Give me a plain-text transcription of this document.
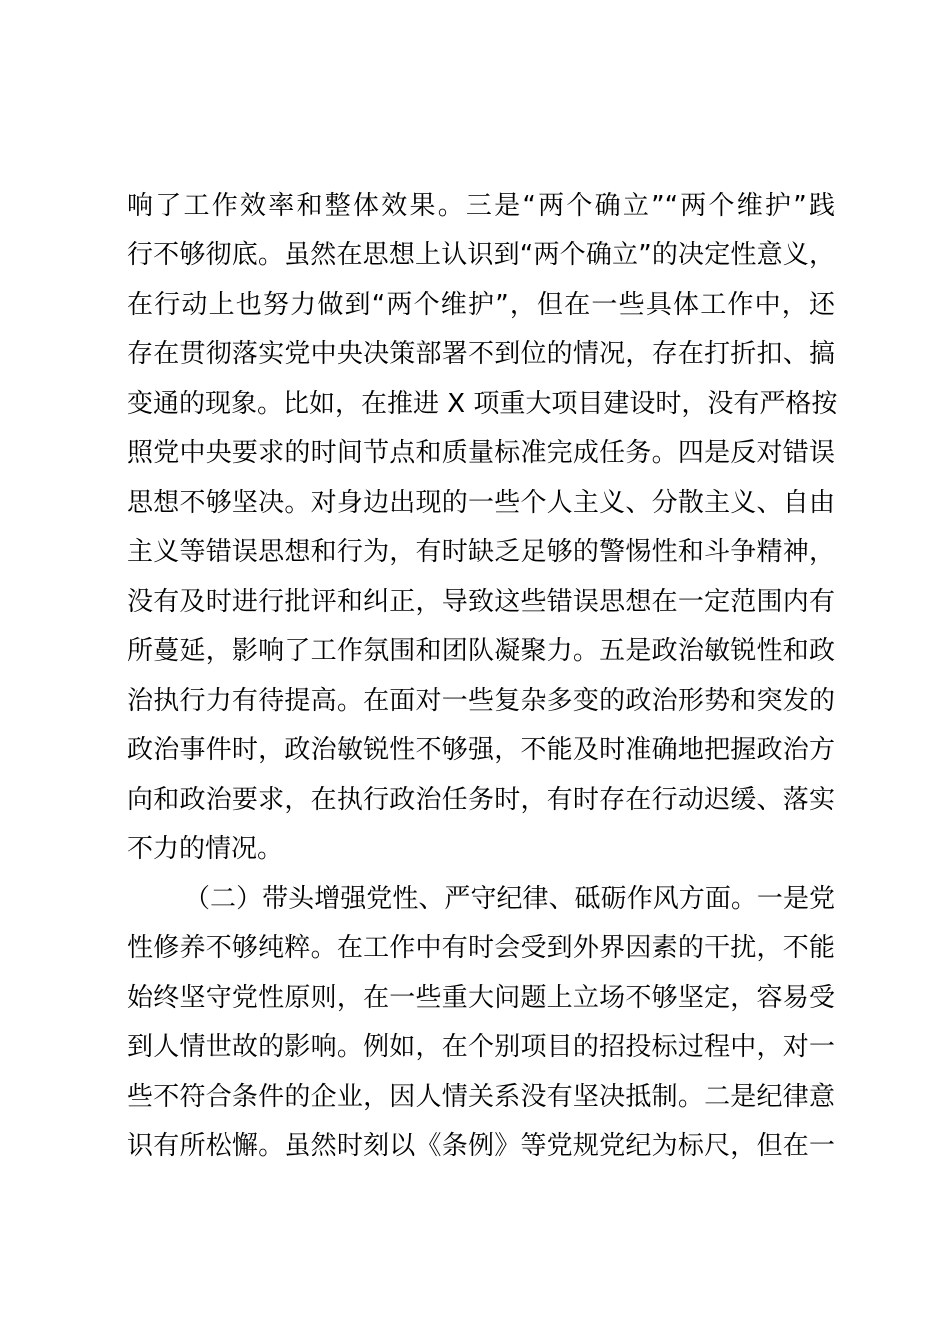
响了工作效率和整体效果。三是“两个确立”“两个维护”践
行不够彻底。虽然在思想上认识到“两个确立”的决定性意义，
在行动上也努力做到“两个维护”，但在一些具体工作中，还
存在贯彻落实党中央决策部署不到位的情况，存在打折扣、搞
变通的现象。比如，在推进 X 项重大项目建设时，没有严格按
照党中央要求的时间节点和质量标准完成任务。四是反对错误
思想不够坚决。对身边出现的一些个人主义、分散主义、自由
主义等错误思想和行为，有时缺乏足够的警惕性和斗争精神，
没有及时进行批评和纠正，导致这些错误思想在一定范围内有
所蔓延，影响了工作氛围和团队凝聚力。五是政治敏锐性和政
治执行力有待提高。在面对一些复杂多变的政治形势和突发的
政治事件时，政治敏锐性不够强，不能及时准确地把握政治方
向和政治要求，在执行政治任务时，有时存在行动迟缓、落实
不力的情况。
（二）带头增强党性、严守纪律、砥砺作风方面。一是党
性修养不够纯粹。在工作中有时会受到外界因素的干扰，不能
始终坚守党性原则，在一些重大问题上立场不够坚定，容易受
到人情世故的影响。例如，在个别项目的招投标过程中，对一
些不符合条件的企业，因人情关系没有坚决抵制。二是纪律意
识有所松懈。虽然时刻以《条例》等党规党纪为标尺，但在一
